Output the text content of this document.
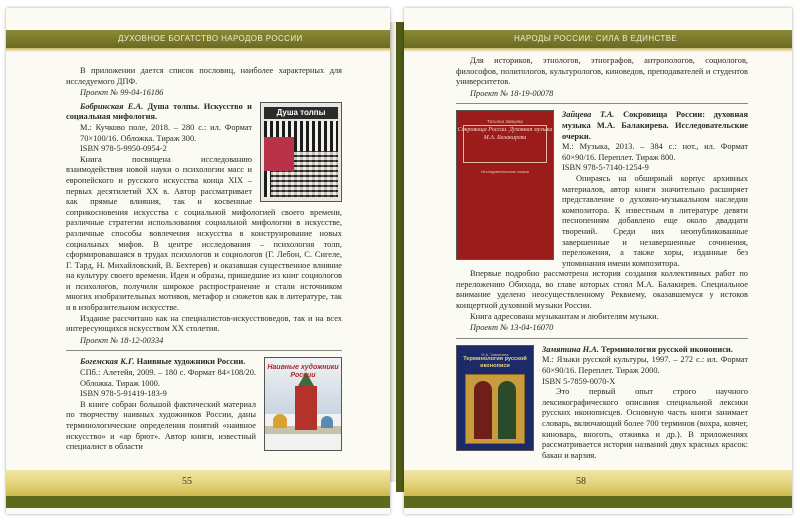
ДУХОВНОЕ БОГАТСТВО НАРОДОВ РОССИИ

В приложении дается список пословиц, наиболее характерных для исследуемого ДПФ.

Проект № 99-04-16186

Душа толпы

Бобринская Е.А. Душа толпы. Искусство и социальная мифология.

М.: Кучково поле, 2018. – 280 с.: ил. Формат 70×100/16. Обложка. Тираж 300.

ISBN 978-5-9950-0954-2

Книга посвящена исследованию взаимодействия новой науки о психологии масс и европейского и русского искусства конца XIX – первых десятилетий XX в. Автор рассматривает как прямые влияния, так и косвенные соприкосновения искусства с социальной мифологией своего времени, различные стратегии использования социальной мифологии в искусстве, различные способы вовлечения искусства в конструирование новых социальных мифов. В центре исследования – психология толп, сформировавшаяся в трудах психологов и социологов (Г. Лебон, С. Сигеле, Г. Тард, Н. Михайловский, В. Бехтерев) и оказавшая существенное влияние на культуру своего времени. Идеи и образы, пришедшие из книг социологов и психологов, получили широкое распространение и стали источником многих изобразительных мотивов, метафор и сюжетов как в литературе, так и в изобразительном искусстве.

Издание рассчитано как на специалистов-искусствоведов, так и на всех интересующихся искусством XX столетия.

Проект № 18-12-00334

Наивные художники России

Богемская К.Г. Наивные художники России.

СПб.: Алетейя, 2009. – 180 с. Формат 84×108/20. Обложка. Тираж 1000.

ISBN 978-5-91419-183-9

В книге собран большой фактический материал по творчеству наивных художников России, даны терминологические определения понятий «наивное искусство» и «ар брют». Автор книги, известный специалист в области

55
НАРОДЫ РОССИИ: СИЛА В ЕДИНСТВЕ

Для историков, этнологов, этнографов, антропологов, социологов, философов, политологов, культурологов, киноведов, преподавателей и студентов университетов.

Проект № 18-19-00078

Татьяна Зайцева
Сокровища России. Духовная музыка М.А. Балакирева
Исследовательские очерки

Зайцева Т.А. Сокровища России: духовная музыка М.А. Балакирева. Исследовательские очерки.

М.: Музыка, 2013. – 384 с.: нот., ил. Формат 60×90/16. Переплет. Тираж 800.

ISBN 978-5-7140-1254-9

Опираясь на обширный корпус архивных материалов, автор книги значительно расширяет представление о духовно-музыкальном наследии композитора. К известным в литературе девяти песнопениям добавлено еще около двадцати творений. Среди них неопубликованные завершенные и незавершенные сочинения, переложения, а также хоры, изданные без упоминания имени композитора.

Впервые подробно рассмотрена история создания коллективных работ по переложению Обихода, во главе которых стоял М.А. Балакирев. Специальное внимание уделено неосуществленному Реквиему, оказавшемуся у истоков концертной духовной музыки России.

Книга адресована музыкантам и любителям музыки.

Проект № 13-04-16070

Н.А. Замятина
Терминология русской иконописи

Замятина Н.А. Терминология русской иконописи.

М.: Языки русской культуры, 1997. – 272 с.: ил. Формат 60×90/16. Переплет. Тираж 2000.

ISBN 5-7859-0070-X

Это первый опыт строго научного лексикографического описания специальной лексики русских иконописцев. Основную часть книги занимает словарь, включающий более 700 терминов (вохра, ковчег, киноварь, вноготь, отживка и др.). В приложениях рассматривается история названий двух красных красок: бакан и варзия.

58
